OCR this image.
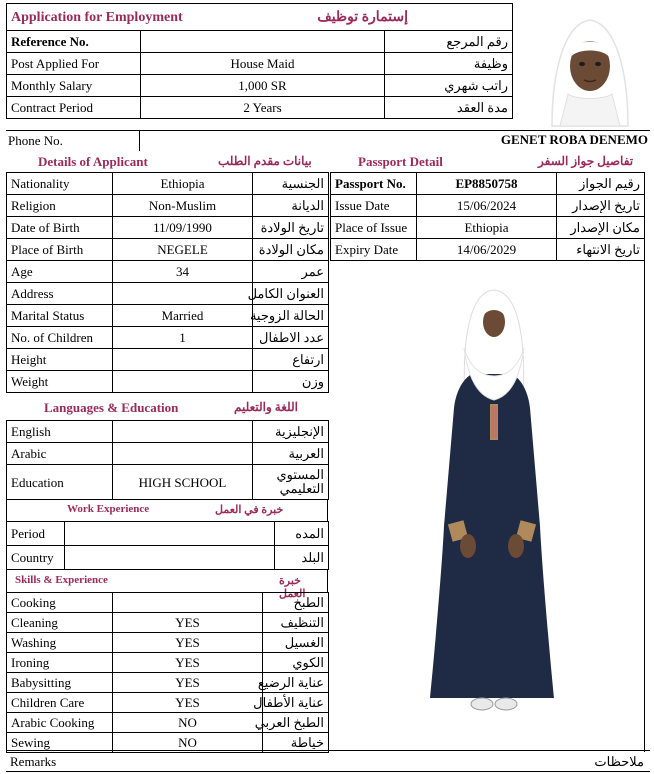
Application for Employment		إستمارة توظيف
Reference No.		رقم المرجع
Post Applied For	House Maid	وظيفة
Monthly Salary	1,000 SR	راتب شهري
Contract Period	2 Years	مدة العقد
Phone No.	GENET ROBA DENEMO
Details of Applicant	بيانات مقدم الطلب
Nationality	Ethiopia	الجنسية
Religion	Non-Muslim	الديانة
Date of Birth	11/09/1990	تاريخ الولادة
Place of Birth	NEGELE	مكان الولادة
Age	34	عمر
Address		العنوان الكامل
Marital Status	Married	الحالة الزوجية
No. of Children	1	عدد الاطفال
Height		ارتفاع
Weight		وزن
Languages & Education	اللغة والتعليم
English		الإنجليزية
Arabic		العربية
Education	HIGH SCHOOL	المستوي
التعليمي
Work Experience	خبرة في العمل
Period		المده
Country		البلد
Skills & Experience	خبرة العمل
Cooking		الطبخ
Cleaning	YES	التنظيف
Washing	YES	الغسيل
Ironing	YES	الكوي
Babysitting	YES	عناية الرضيع
Children Care	YES	عناية الأطفال
Arabic Cooking	NO	الطبخ العربي
Sewing	NO	خياطة
Passport Detail	تفاصيل جواز السفر
Passport No.	EP8850758	رقيم الجواز
Issue Date	15/06/2024	تاريخ الإصدار
Place of Issue	Ethiopia	مكان الإصدار
Expiry Date	14/06/2029	تاريخ الانتهاء
Remarks	ملاحظات
